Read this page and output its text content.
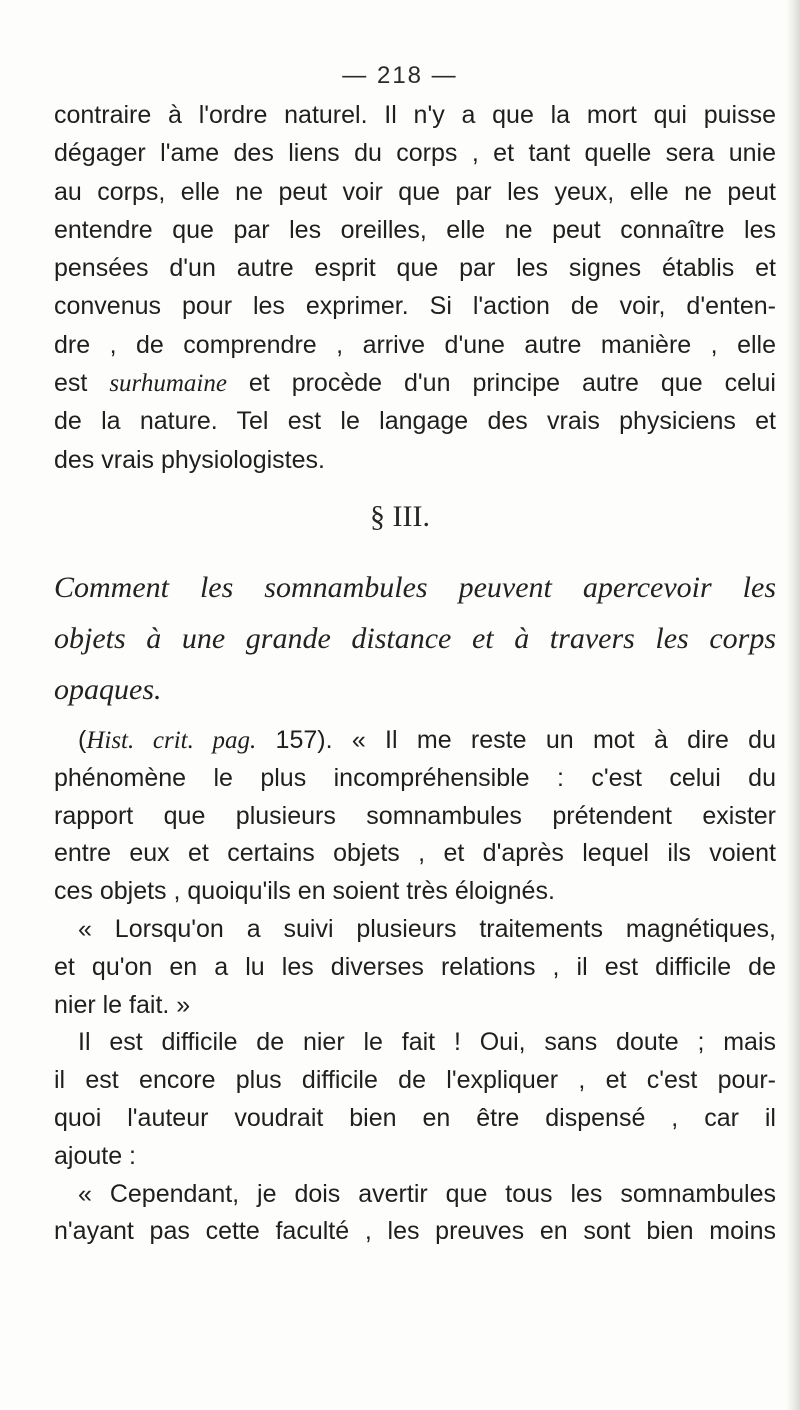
— 218 —
contraire à l'ordre naturel. Il n'y a que la mort qui puisse
dégager l'ame des liens du corps , et tant quelle sera unie
au corps, elle ne peut voir que par les yeux, elle ne peut
entendre que par les oreilles, elle ne peut connaître les
pensées d'un autre esprit que par les signes établis et
convenus pour les exprimer. Si l'action de voir, d'enten-
dre , de comprendre , arrive d'une autre manière , elle
est surhumaine et procède d'un principe autre que celui
de la nature. Tel est le langage des vrais physiciens et
des vrais physiologistes.
§ III.
Comment les somnambules peuvent apercevoir les
objets à une grande distance et à travers les corps
opaques.
(Hist. crit. pag. 157). « Il me reste un mot à dire du
phénomène le plus incompréhensible : c'est celui du
rapport que plusieurs somnambules prétendent exister
entre eux et certains objets , et d'après lequel ils voient
ces objets , quoiqu'ils en soient très éloignés.
« Lorsqu'on a suivi plusieurs traitements magnétiques,
et qu'on en a lu les diverses relations , il est difficile de
nier le fait. »
Il est difficile de nier le fait ! Oui, sans doute ; mais
il est encore plus difficile de l'expliquer , et c'est pour-
quoi l'auteur voudrait bien en être dispensé , car il
ajoute :
« Cependant, je dois avertir que tous les somnambules
n'ayant pas cette faculté , les preuves en sont bien moins
